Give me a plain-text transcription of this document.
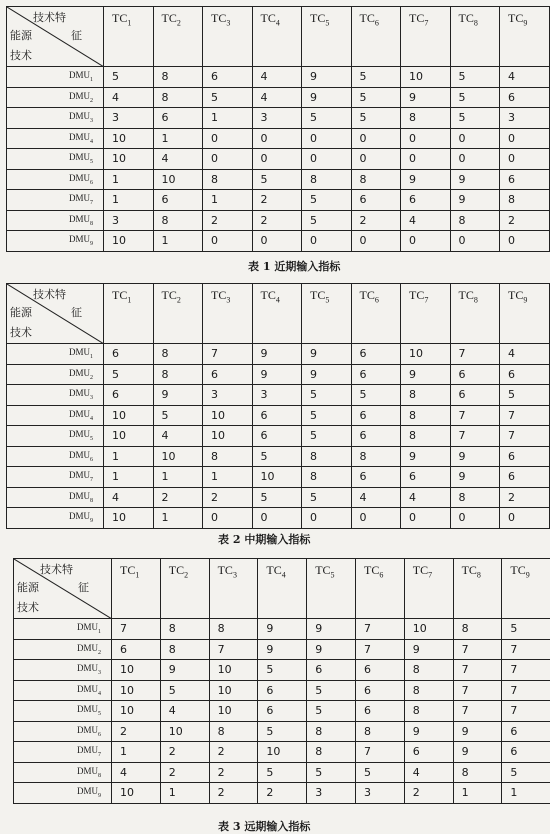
技术特
征
能源
技术	$TC_1$	$TC_2$	$TC_3$	$TC_4$	$TC_5$	$TC_6$	$TC_7$	$TC_8$	$TC_9$
$DMU_1$	5	8	6	4	9	5	10	5	4
$DMU_2$	4	8	5	4	9	5	9	5	6
$DMU_3$	3	6	1	3	5	5	8	5	3
$DMU_4$	10	1	0	0	0	0	0	0	0
$DMU_5$	10	4	0	0	0	0	0	0	0
$DMU_6$	1	10	8	5	8	8	9	9	6
$DMU_7$	1	6	1	2	5	6	6	9	8
$DMU_8$	3	8	2	2	5	2	4	8	2
$DMU_9$	10	1	0	0	0	0	0	0	0
表 1 近期输入指标
技术特
征
能源
技术	$TC_1$	$TC_2$	$TC_3$	$TC_4$	$TC_5$	$TC_6$	$TC_7$	$TC_8$	$TC_9$
$DMU_1$	6	8	7	9	9	6	10	7	4
$DMU_2$	5	8	6	9	9	6	9	6	6
$DMU_3$	6	9	3	3	5	5	8	6	5
$DMU_4$	10	5	10	6	5	6	8	7	7
$DMU_5$	10	4	10	6	5	6	8	7	7
$DMU_6$	1	10	8	5	8	8	9	9	6
$DMU_7$	1	1	1	10	8	6	6	9	6
$DMU_8$	4	2	2	5	5	4	4	8	2
$DMU_9$	10	1	0	0	0	0	0	0	0
表 2 中期输入指标
技术特
征
能源
技术	$TC_1$	$TC_2$	$TC_3$	$TC_4$	$TC_5$	$TC_6$	$TC_7$	$TC_8$	$TC_9$
$DMU_1$	7	8	8	9	9	7	10	8	5
$DMU_2$	6	8	7	9	9	7	9	7	7
$DMU_3$	10	9	10	5	6	6	8	7	7
$DMU_4$	10	5	10	6	5	6	8	7	7
$DMU_5$	10	4	10	6	5	6	8	7	7
$DMU_6$	2	10	8	5	8	8	9	9	6
$DMU_7$	1	2	2	10	8	7	6	9	6
$DMU_8$	4	2	2	5	5	5	4	8	5
$DMU_9$	10	1	2	2	3	3	2	1	1
表 3 远期输入指标
